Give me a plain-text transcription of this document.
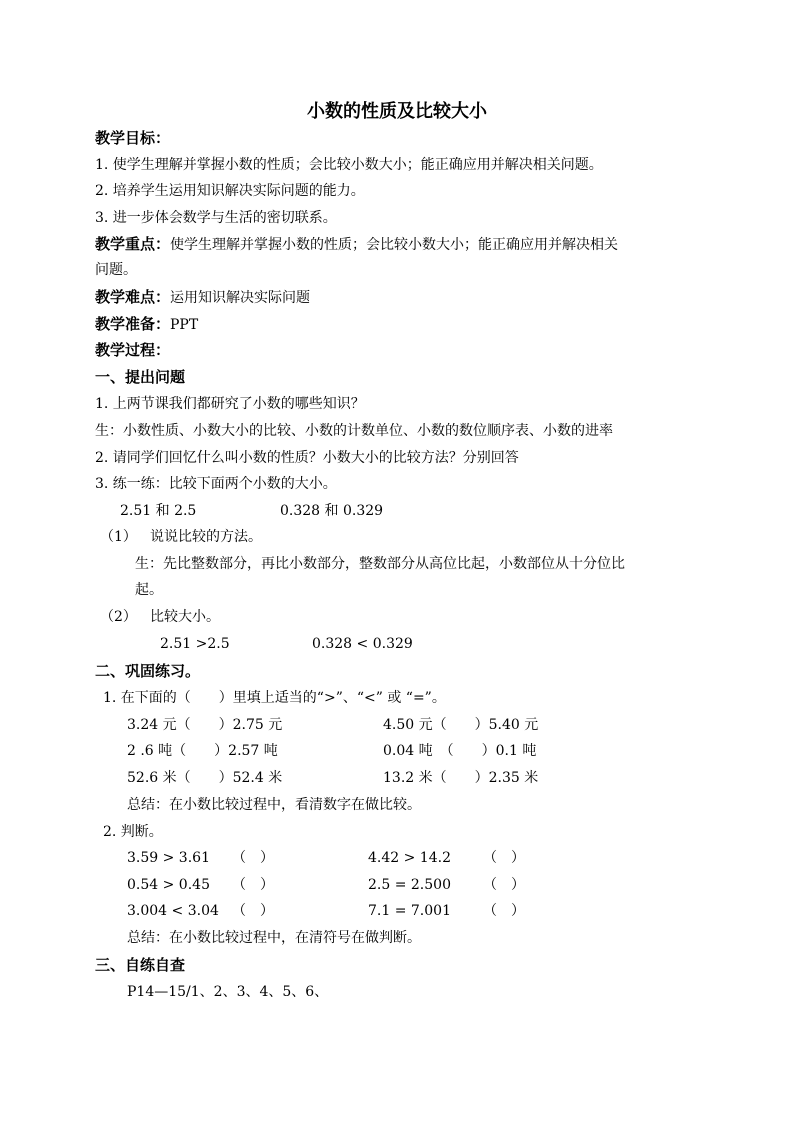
小数的性质及比较大小
教学目标：
1. 使学生理解并掌握小数的性质；会比较小数大小；能正确应用并解决相关问题。
2. 培养学生运用知识解决实际问题的能力。
3. 进一步体会数学与生活的密切联系。
教学重点：使学生理解并掌握小数的性质；会比较小数大小；能正确应用并解决相关
问题。
教学难点：运用知识解决实际问题
教学准备：PPT
教学过程：
一、提出问题
1. 上两节课我们都研究了小数的哪些知识？
生：小数性质、小数大小的比较、小数的计数单位、小数的数位顺序表、小数的进率
2. 请同学们回忆什么叫小数的性质？小数大小的比较方法？分别回答
3. 练一练：比较下面两个小数的大小。
2.51 和 2.5	0.328 和 0.329
（1） 说说比较的方法。
生：先比整数部分，再比小数部分，整数部分从高位比起，小数部位从十分位比
起。
（2） 比较大小。
2.51 >2.5	0.328 < 0.329
二、巩固练习。
1. 在下面的（　　）里填上适当的“>”、“<” 或 “=”。
3.24 元（　　）2.75 元	4.50 元（　　）5.40 元
2 .6 吨（　　）2.57 吨	0.04 吨　（　　）0.1 吨
52.6 米（　　）52.4 米	13.2 米（　　）2.35 米
总结：在小数比较过程中，看清数字在做比较。
2. 判断。
3.59 > 3.61 （　）	4.42 > 14.2 （　）
0.54 > 0.45 （　）	2.5 = 2.500 （　）
3.004 < 3.04 （　）	7.1 = 7.001 （　）
总结：在小数比较过程中，在清符号在做判断。
三、自练自查
P14—15/1、2、3、4、5、6、
